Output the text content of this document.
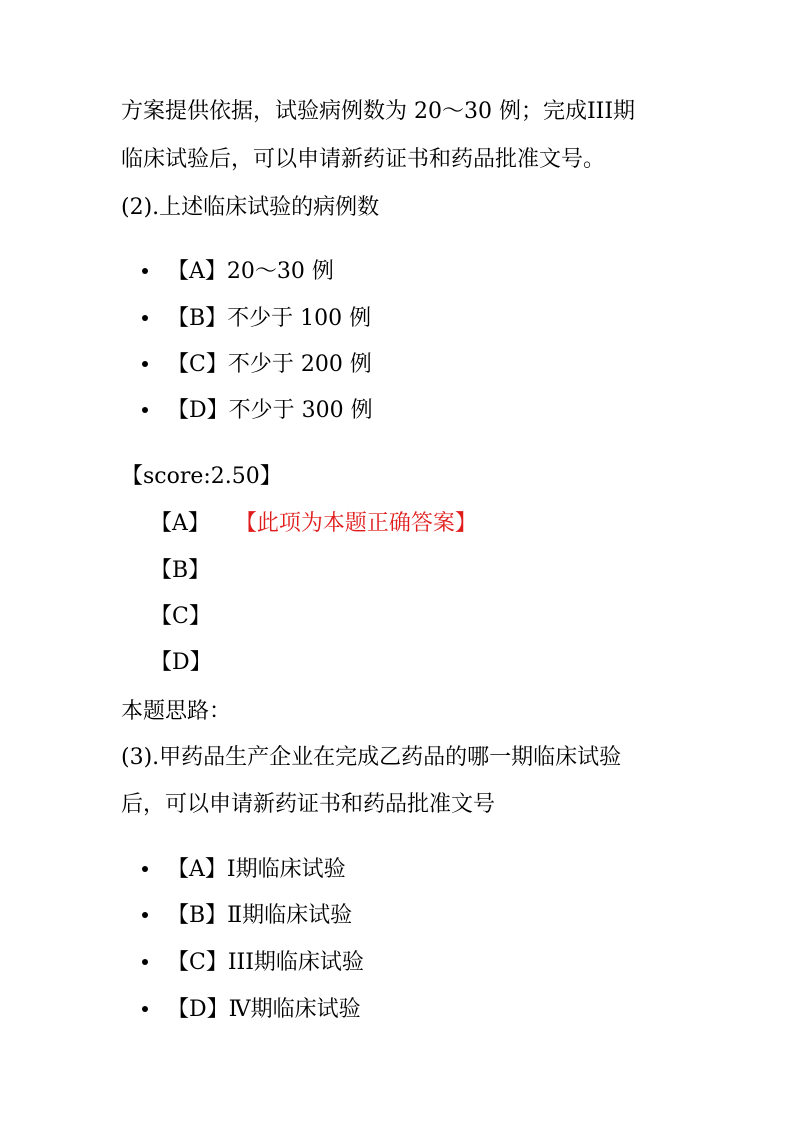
方案提供依据，试验病例数为 20～30 例；完成III期
临床试验后，可以申请新药证书和药品批准文号。
(2).上述临床试验的病例数
【A】20～30 例
【B】不少于 100 例
【C】不少于 200 例
【D】不少于 300 例
【score:2.50】
【A】 【此项为本题正确答案】
【B】
【C】
【D】
本题思路：
(3).甲药品生产企业在完成乙药品的哪一期临床试验
后，可以申请新药证书和药品批准文号
【A】Ⅰ期临床试验
【B】Ⅱ期临床试验
【C】III期临床试验
【D】Ⅳ期临床试验
